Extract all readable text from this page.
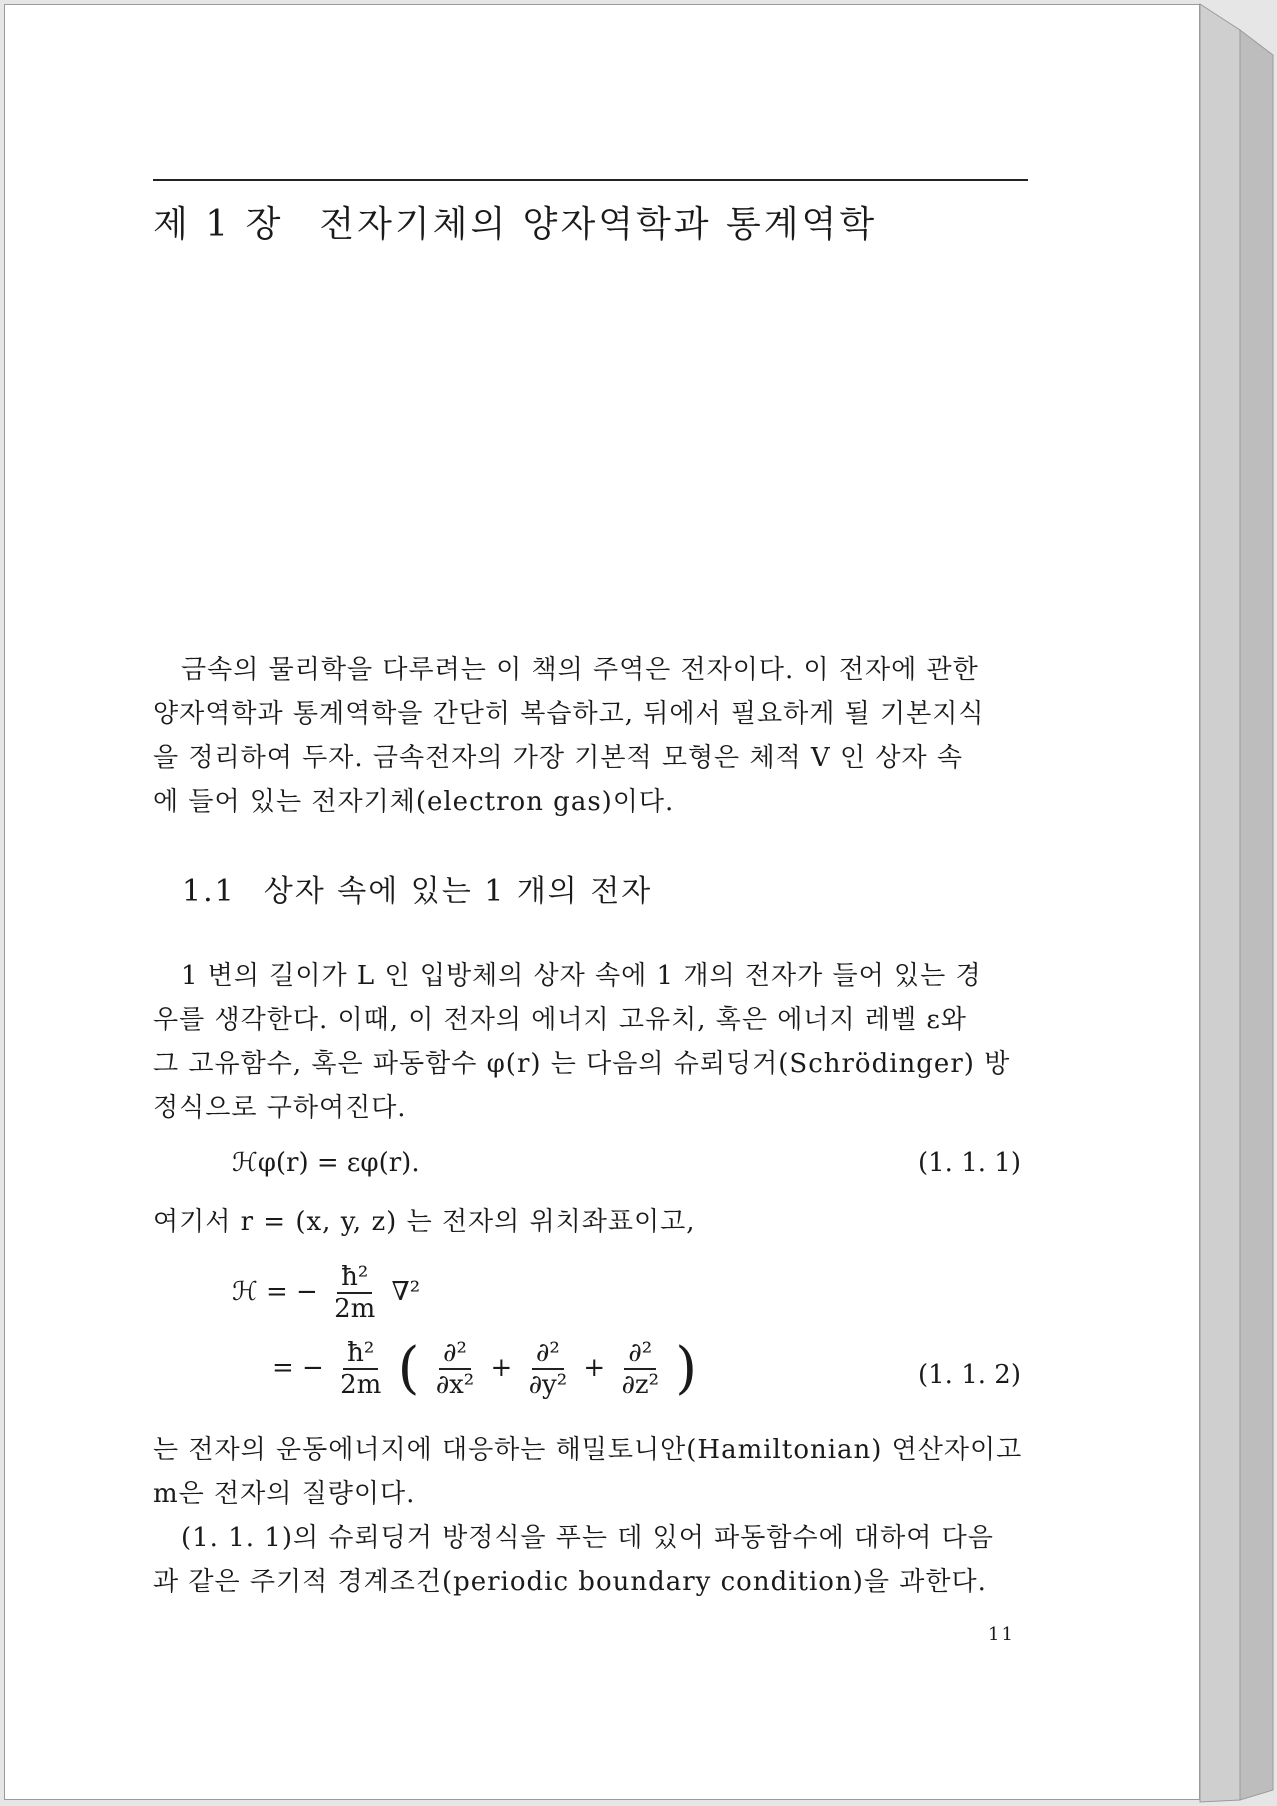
제 1 장 전자기체의 양자역학과 통계역학
금속의 물리학을 다루려는 이 책의 주역은 전자이다. 이 전자에 관한
양자역학과 통계역학을 간단히 복습하고, 뒤에서 필요하게 될 기본지식
을 정리하여 두자. 금속전자의 가장 기본적 모형은 체적 V 인 상자 속
에 들어 있는 전자기체(electron gas)이다.
1.1 상자 속에 있는 1 개의 전자
1 변의 길이가 L 인 입방체의 상자 속에 1 개의 전자가 들어 있는 경
우를 생각한다. 이때, 이 전자의 에너지 고유치, 혹은 에너지 레벨 ε와
그 고유함수, 혹은 파동함수 φ(r) 는 다음의 슈뢰딩거(Schrödinger) 방
정식으로 구하여진다.
ℋφ(r) = εφ(r).	(1. 1. 1)
여기서 r = (x, y, z) 는 전자의 위치좌표이고,
ℋ = − $\frac{\text{ħ²}}{2m} \nabla^2$
= − $\frac{\text{ħ²}}{2m}$ ( $\frac{\text{∂²}}{\text{∂x²}} + \frac{\text{∂²}}{\text{∂y²}} + \frac{\text{∂²}}{\text{∂z²}}$ )	(1. 1. 2)
는 전자의 운동에너지에 대응하는 해밀토니안(Hamiltonian) 연산자이고
m은 전자의 질량이다.
(1. 1. 1)의 슈뢰딩거 방정식을 푸는 데 있어 파동함수에 대하여 다음
과 같은 주기적 경계조건(periodic boundary condition)을 과한다.
11
